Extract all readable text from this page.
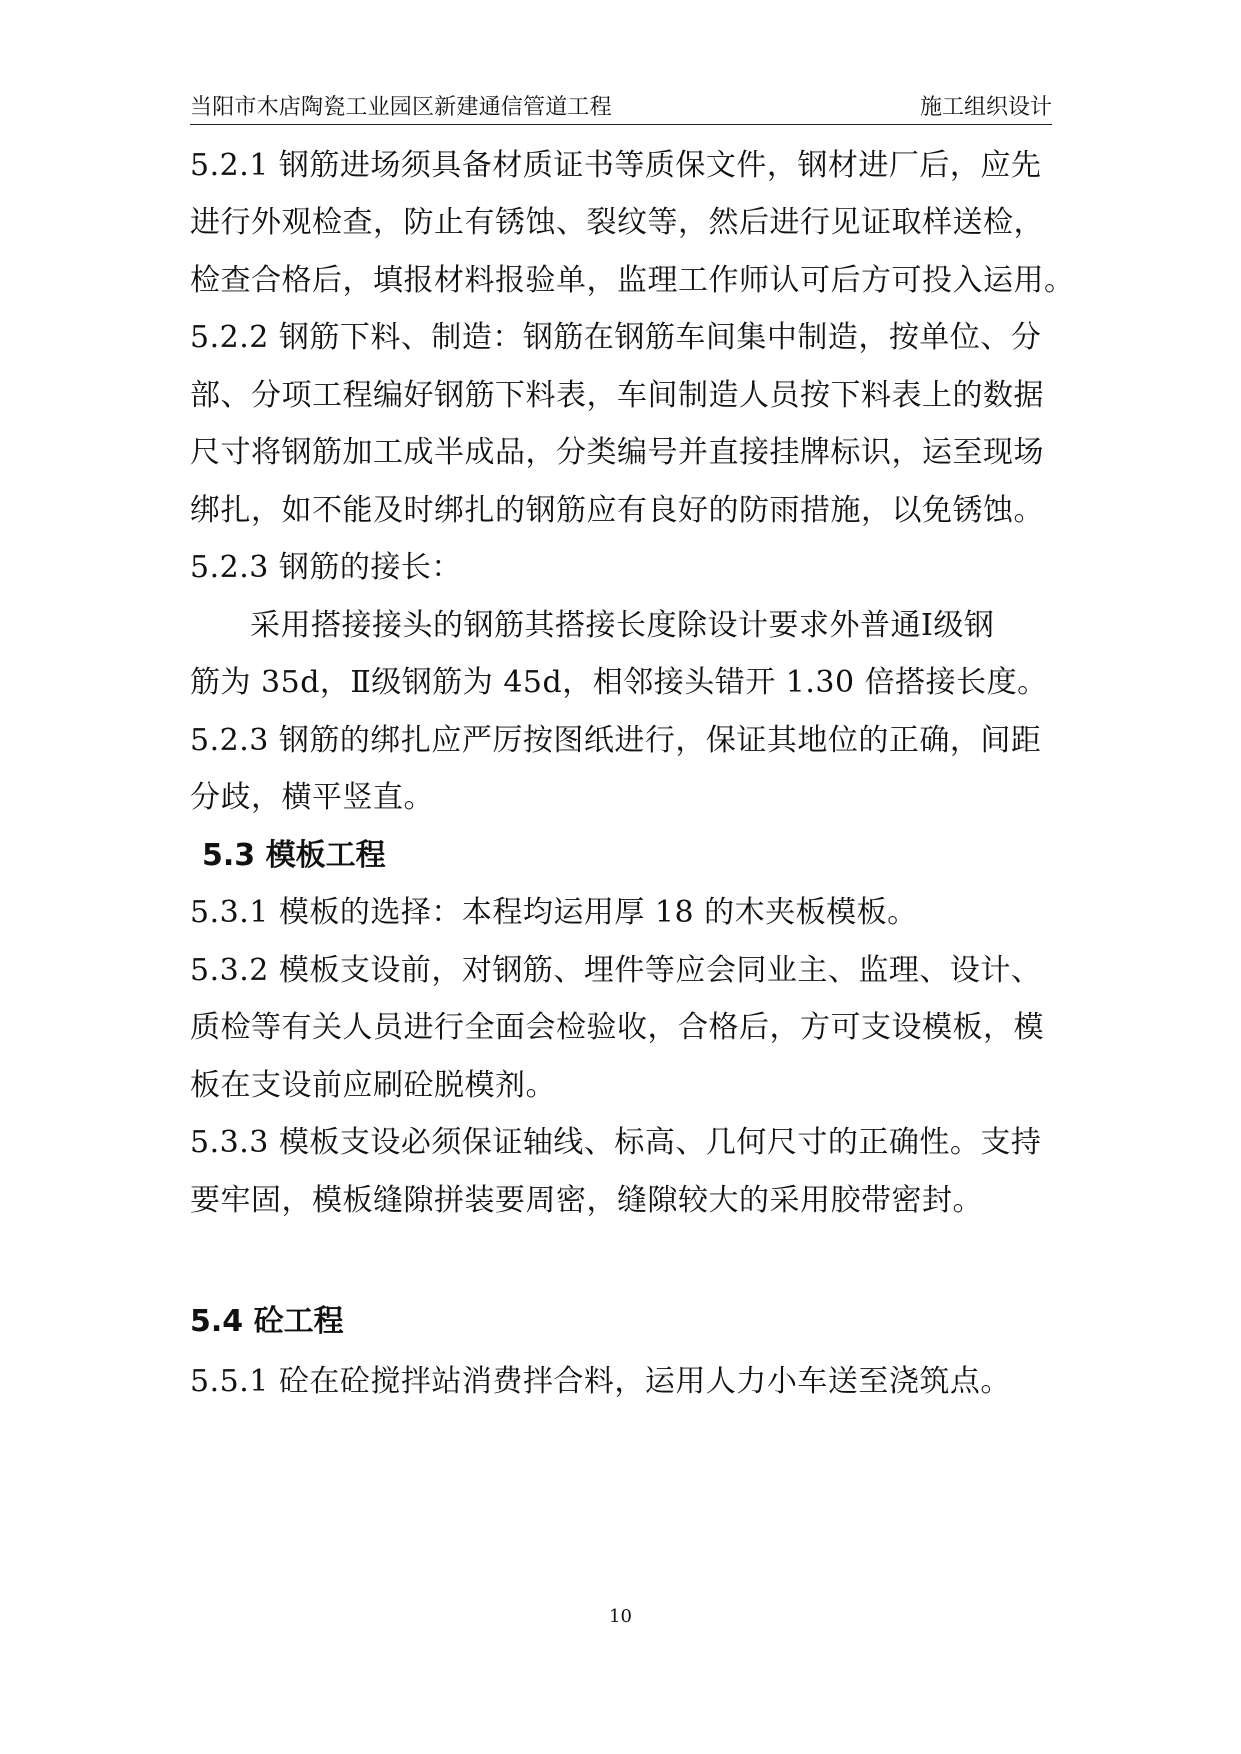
当阳市木店陶瓷工业园区新建通信管道工程	施工组织设计
5.2.1 钢筋进场须具备材质证书等质保文件，钢材进厂后，应先
进行外观检查，防止有锈蚀、裂纹等，然后进行见证取样送检，
检查合格后，填报材料报验单，监理工作师认可后方可投入运用。
5.2.2 钢筋下料、制造：钢筋在钢筋车间集中制造，按单位、分
部、分项工程编好钢筋下料表，车间制造人员按下料表上的数据
尺寸将钢筋加工成半成品，分类编号并直接挂牌标识，运至现场
绑扎，如不能及时绑扎的钢筋应有良好的防雨措施，以免锈蚀。
5.2.3 钢筋的接长：
采用搭接接头的钢筋其搭接长度除设计要求外普通Ⅰ级钢
筋为 35d，Ⅱ级钢筋为 45d，相邻接头错开 1.30 倍搭接长度。
5.2.3 钢筋的绑扎应严厉按图纸进行，保证其地位的正确，间距
分歧，横平竖直。
5.3 模板工程
5.3.1 模板的选择：本程均运用厚 18 的木夹板模板。
5.3.2 模板支设前，对钢筋、埋件等应会同业主、监理、设计、
质检等有关人员进行全面会检验收，合格后，方可支设模板，模
板在支设前应刷砼脱模剂。
5.3.3 模板支设必须保证轴线、标高、几何尺寸的正确性。支持
要牢固，模板缝隙拼装要周密，缝隙较大的采用胶带密封。
5.4 砼工程
5.5.1 砼在砼搅拌站消费拌合料，运用人力小车送至浇筑点。
10
